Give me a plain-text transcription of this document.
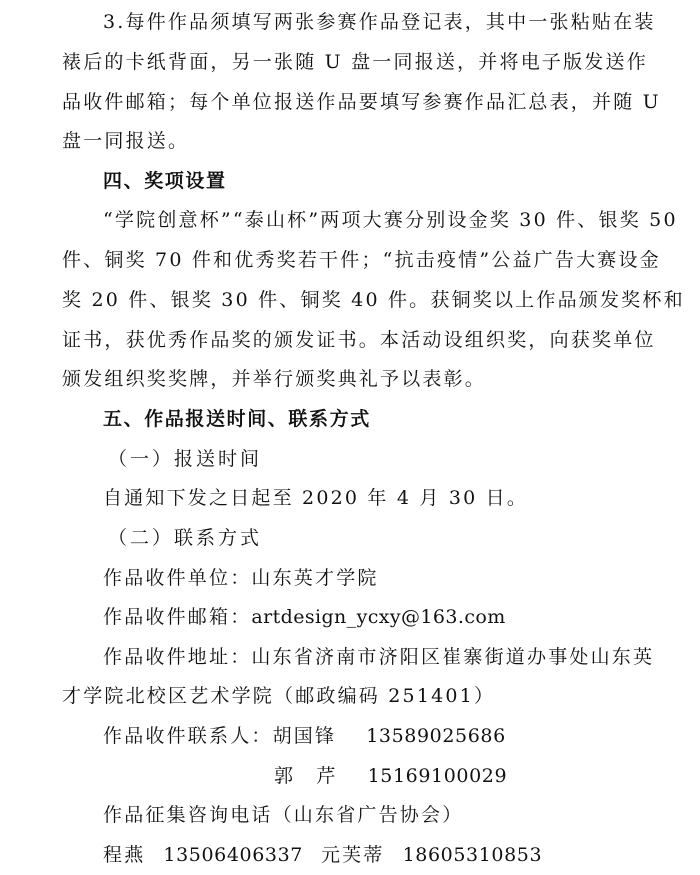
3.每件作品须填写两张参赛作品登记表，其中一张粘贴在装
裱后的卡纸背面，另一张随 U 盘一同报送，并将电子版发送作
品收件邮箱；每个单位报送作品要填写参赛作品汇总表，并随 U
盘一同报送。
四、奖项设置
“学院创意杯”“泰山杯”两项大赛分别设金奖 30 件、银奖 50
件、铜奖 70 件和优秀奖若干件；“抗击疫情”公益广告大赛设金
奖 20 件、银奖 30 件、铜奖 40 件。获铜奖以上作品颁发奖杯和
证书，获优秀作品奖的颁发证书。本活动设组织奖，向获奖单位
颁发组织奖奖牌，并举行颁奖典礼予以表彰。
五、作品报送时间、联系方式
（一）报送时间
自通知下发之日起至 2020 年 4 月 30 日。
（二）联系方式
作品收件单位：山东英才学院
作品收件邮箱：artdesign_ycxy@163.com
作品收件地址：山东省济南市济阳区崔寨街道办事处山东英
才学院北校区艺术学院（邮政编码 251401）
作品收件联系人：胡国锋 13589025686
郭　芹 15169100029
作品征集咨询电话（山东省广告协会）
程燕 13506406337 元芙蒂 18605310853
